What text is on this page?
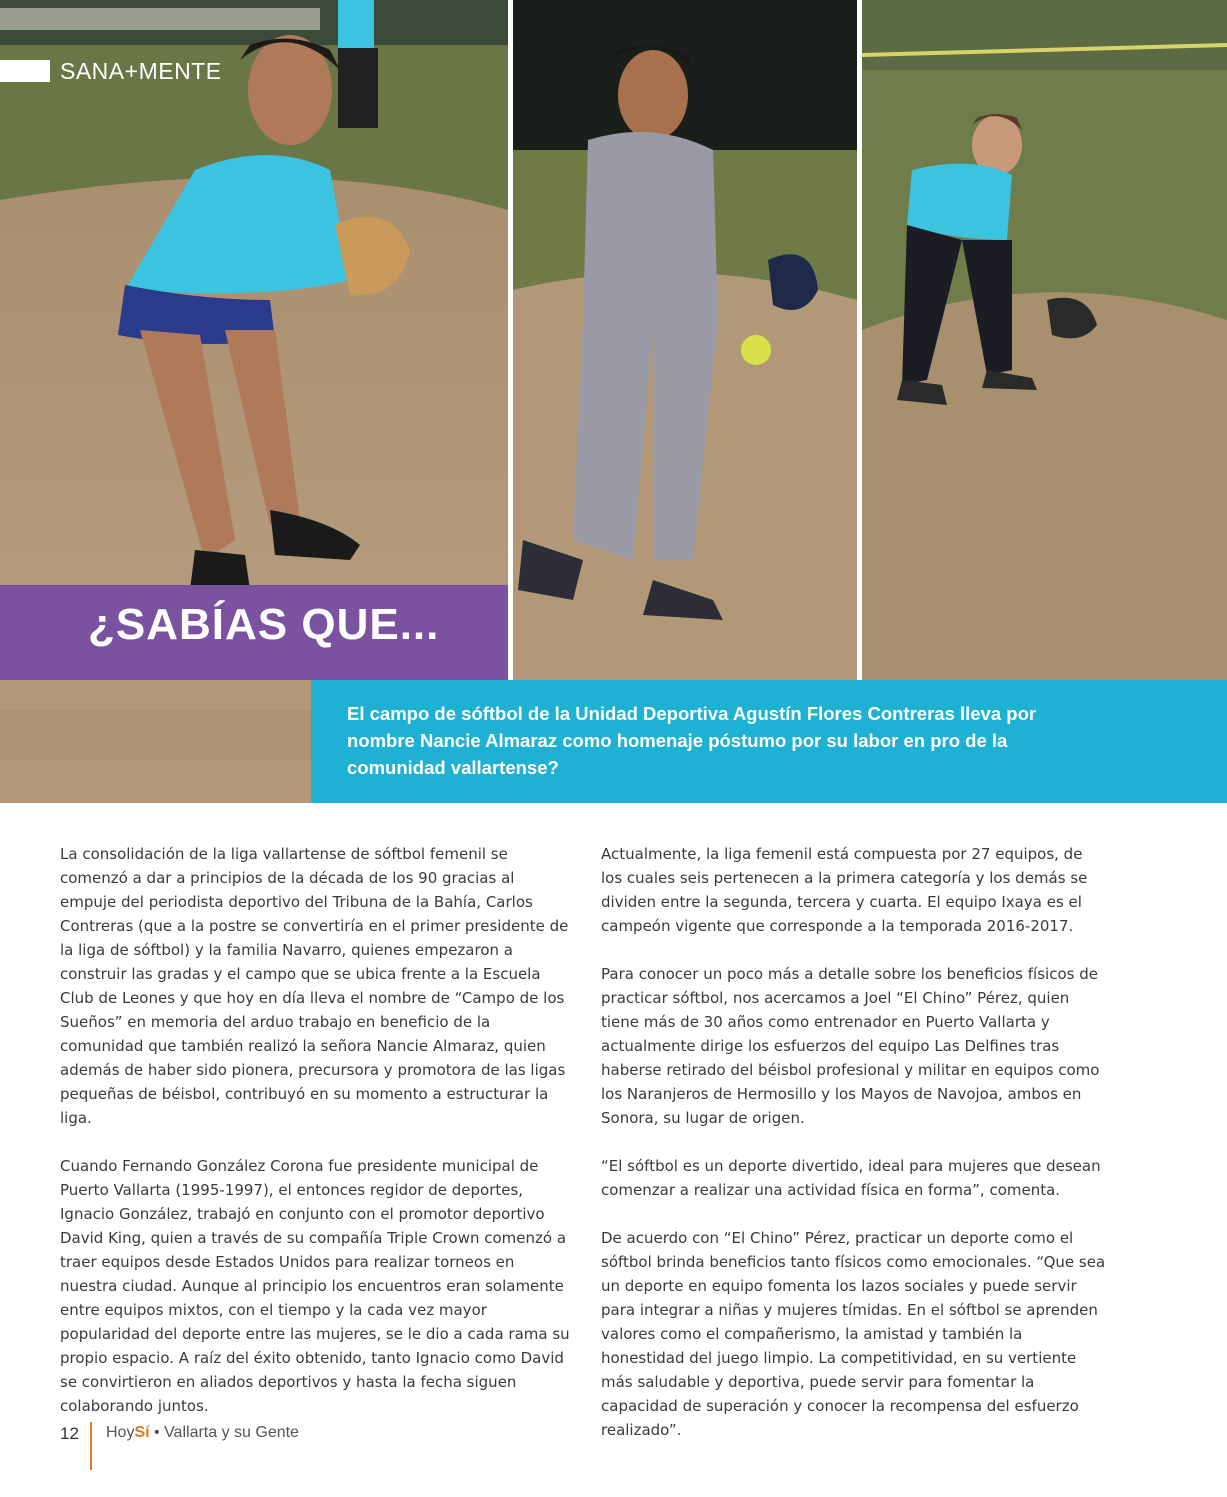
SANA+MENTE
¿SABÍAS QUE...

El campo de sóftbol de la Unidad Deportiva Agustín Flores Contreras lleva por nombre Nancie Almaraz como homenaje póstumo por su labor en pro de la comunidad vallartense?

La consolidación de la liga vallartense de sóftbol femenil se comenzó a dar a principios de la década de los 90 gracias al empuje del periodista deportivo del Tribuna de la Bahía, Carlos Contreras (que a la postre se convertiría en el primer presidente de la liga de sóftbol) y la familia Navarro, quienes empezaron a construir las gradas y el campo que se ubica frente a la Escuela Club de Leones y que hoy en día lleva el nombre de “Campo de los Sueños” en memoria del arduo trabajo en beneficio de la comunidad que también realizó la señora Nancie Almaraz, quien además de haber sido pionera, precursora y promotora de las ligas pequeñas de béisbol, contribuyó en su momento a estructurar la liga.

Cuando Fernando González Corona fue presidente municipal de Puerto Vallarta (1995-1997), el entonces regidor de deportes, Ignacio González, trabajó en conjunto con el promotor deportivo David King, quien a través de su compañía Triple Crown comenzó a traer equipos desde Estados Unidos para realizar torneos en nuestra ciudad. Aunque al principio los encuentros eran solamente entre equipos mixtos, con el tiempo y la cada vez mayor popularidad del deporte entre las mujeres, se le dio a cada rama su propio espacio. A raíz del éxito obtenido, tanto Ignacio como David se convirtieron en aliados deportivos y hasta la fecha siguen colaborando juntos.

Actualmente, la liga femenil está compuesta por 27 equipos, de los cuales seis pertenecen a la primera categoría y los demás se dividen entre la segunda, tercera y cuarta. El equipo Ixaya es el campeón vigente que corresponde a la temporada 2016-2017.

Para conocer un poco más a detalle sobre los beneficios físicos de practicar sóftbol, nos acercamos a Joel “El Chino” Pérez, quien tiene más de 30 años como entrenador en Puerto Vallarta y actualmente dirige los esfuerzos del equipo Las Delfines tras haberse retirado del béisbol profesional y militar en equipos como los Naranjeros de Hermosillo y los Mayos de Navojoa, ambos en Sonora, su lugar de origen.

“El sóftbol es un deporte divertido, ideal para mujeres que desean comenzar a realizar una actividad física en forma”, comenta.

De acuerdo con “El Chino” Pérez, practicar un deporte como el sóftbol brinda beneficios tanto físicos como emocionales. “Que sea un deporte en equipo fomenta los lazos sociales y puede servir para integrar a niñas y mujeres tímidas. En el sóftbol se aprenden valores como el compañerismo, la amistad y también la honestidad del juego limpio. La competitividad, en su vertiente más saludable y deportiva, puede servir para fomentar la capacidad de superación y conocer la recompensa del esfuerzo realizado”.

12 HoySí • Vallarta y su Gente
